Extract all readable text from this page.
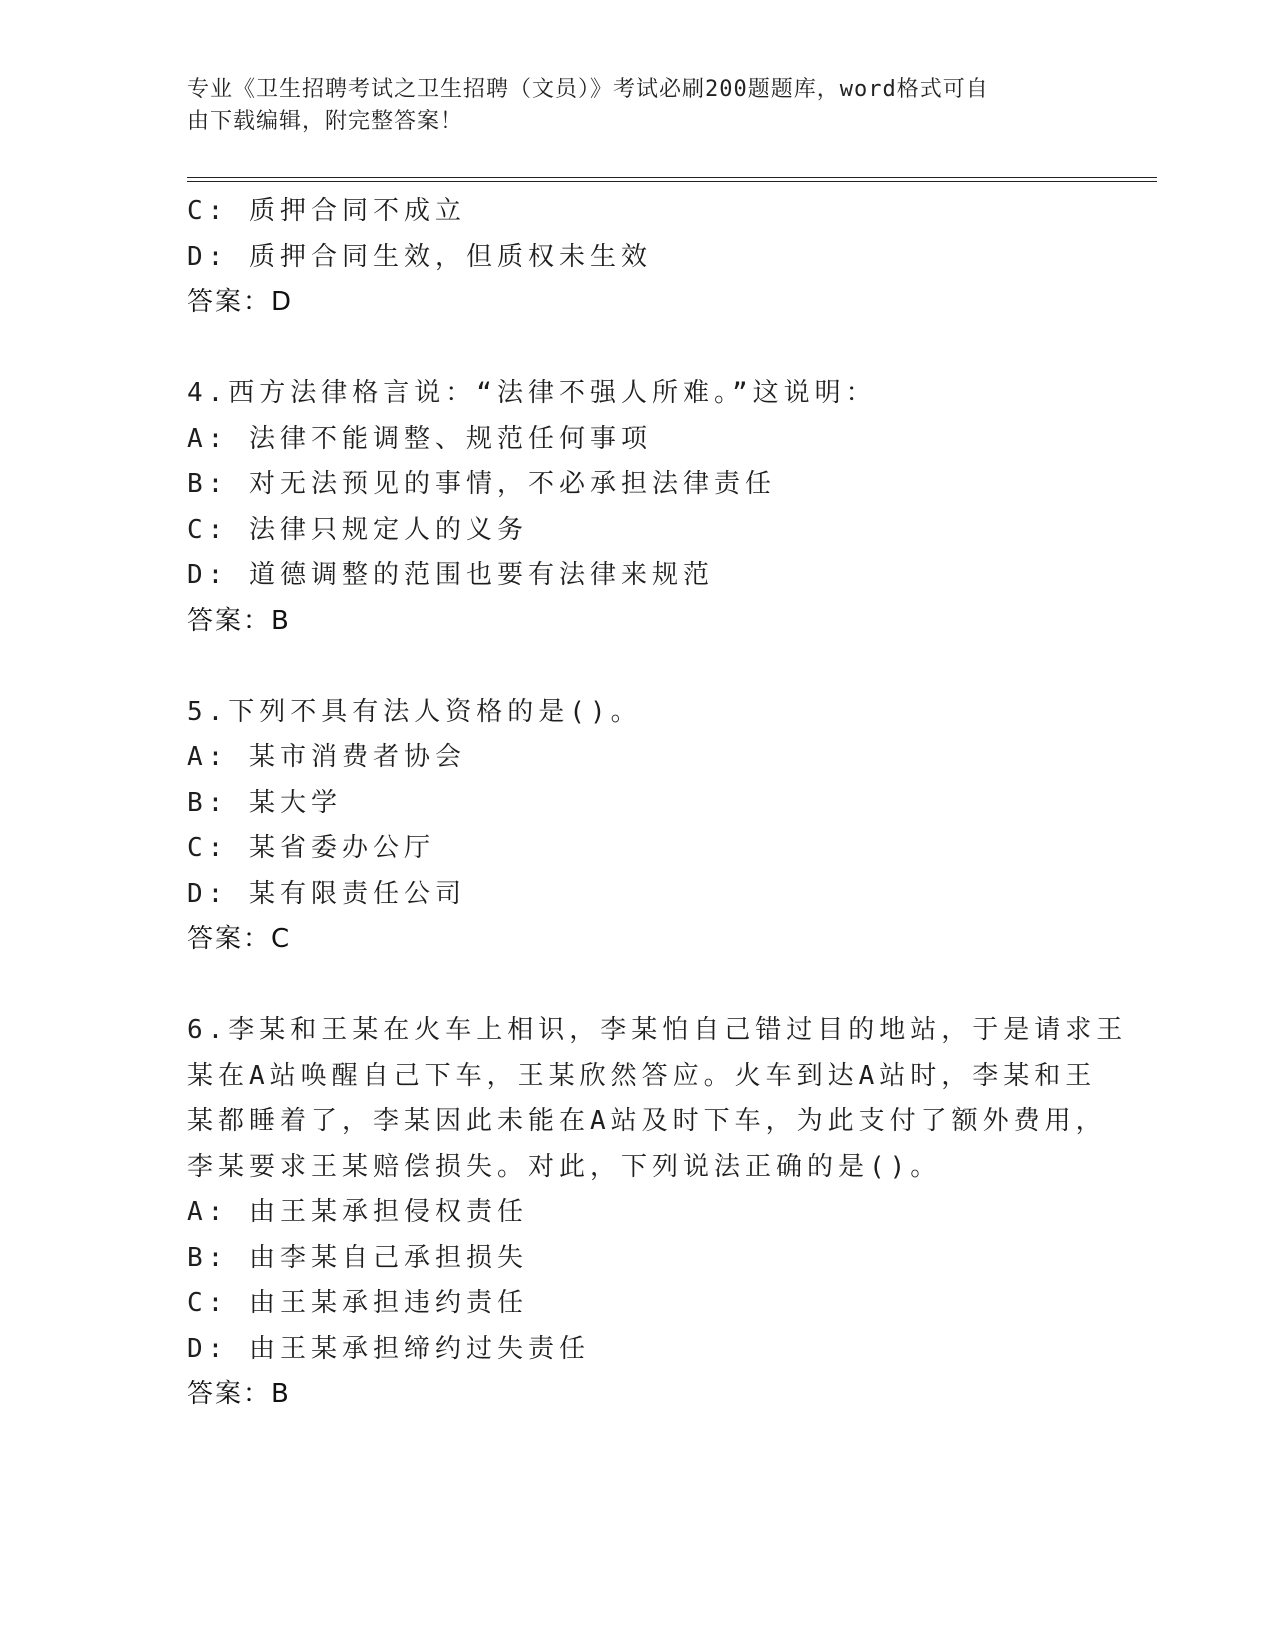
专业《卫生招聘考试之卫生招聘（文员）》考试必刷200题题库，word格式可自
由下载编辑，附完整答案！
C: 质押合同不成立
D: 质押合同生效，但质权未生效
答案：D
4.西方法律格言说：“法律不强人所难。”这说明：
A: 法律不能调整、规范任何事项
B: 对无法预见的事情，不必承担法律责任
C: 法律只规定人的义务
D: 道德调整的范围也要有法律来规范
答案：B
5.下列不具有法人资格的是()。
A: 某市消费者协会
B: 某大学
C: 某省委办公厅
D: 某有限责任公司
答案：C
6.李某和王某在火车上相识，李某怕自己错过目的地站，于是请求王
某在A站唤醒自己下车，王某欣然答应。火车到达A站时，李某和王
某都睡着了，李某因此未能在A站及时下车，为此支付了额外费用，
李某要求王某赔偿损失。对此，下列说法正确的是()。
A: 由王某承担侵权责任
B: 由李某自己承担损失
C: 由王某承担违约责任
D: 由王某承担缔约过失责任
答案：B
